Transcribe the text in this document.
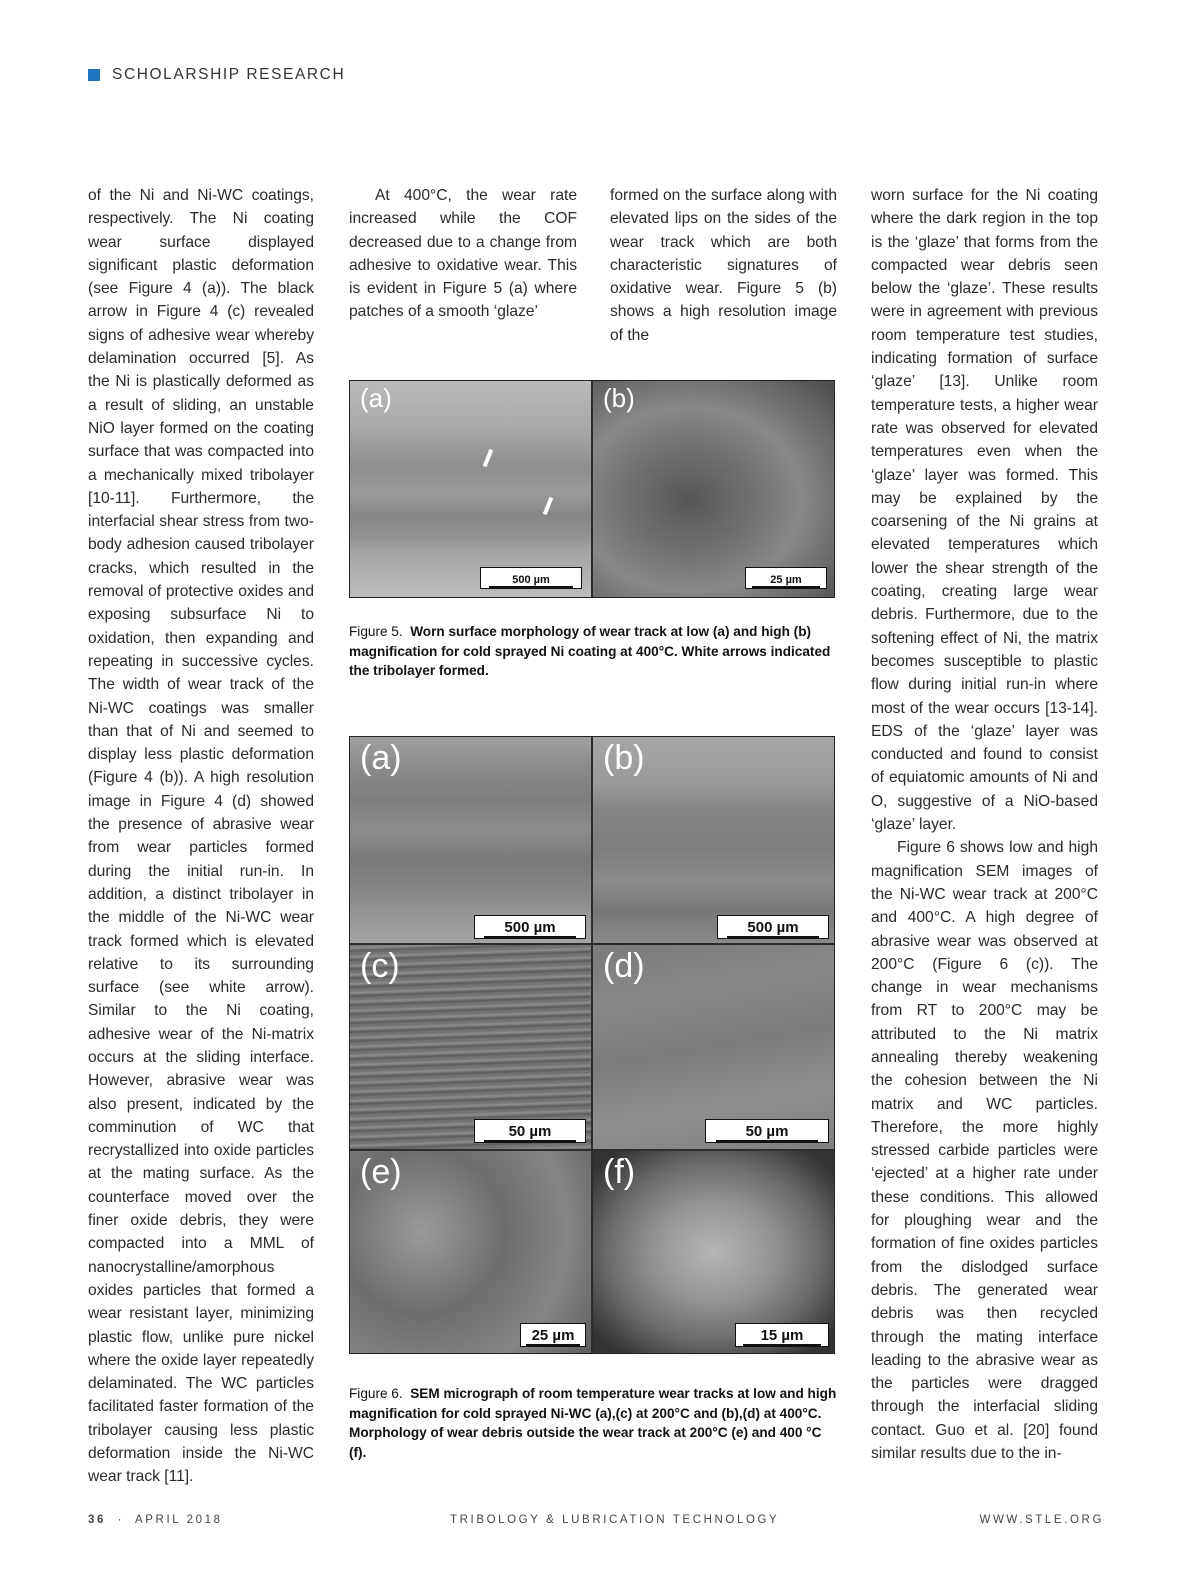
SCHOLARSHIP RESEARCH

of the Ni and Ni-WC coatings, respectively. The Ni coating wear surface displayed significant plastic deformation (see Figure 4 (a)). The black arrow in Figure 4 (c) revealed signs of adhesive wear whereby delamination occurred [5]. As the Ni is plastically deformed as a result of sliding, an unstable NiO layer formed on the coating surface that was compacted into a mechanically mixed tribolayer [10-11]. Furthermore, the interfacial shear stress from two-body adhesion caused tribolayer cracks, which resulted in the removal of protective oxides and exposing subsurface Ni to oxidation, then expanding and repeating in successive cycles. The width of wear track of the Ni-WC coatings was smaller than that of Ni and seemed to display less plastic deformation (Figure 4 (b)). A high resolution image in Figure 4 (d) showed the presence of abrasive wear from wear particles formed during the initial run-in. In addition, a distinct tribolayer in the middle of the Ni-WC wear track formed which is elevated relative to its surrounding surface (see white arrow). Similar to the Ni coating, adhesive wear of the Ni-matrix occurs at the sliding interface. However, abrasive wear was also present, indicated by the comminution of WC that recrystallized into oxide particles at the mating surface. As the counterface moved over the finer oxide debris, they were compacted into a MML of nanocrystalline/amorphous oxides particles that formed a wear resistant layer, minimizing plastic flow, unlike pure nickel where the oxide layer repeatedly delaminated. The WC particles facilitated faster formation of the tribolayer causing less plastic deformation inside the Ni-WC wear track [11].

At 400°C, the wear rate increased while the COF decreased due to a change from adhesive to oxidative wear. This is evident in Figure 5 (a) where patches of a smooth ‘glaze’

formed on the surface along with elevated lips on the sides of the wear track which are both characteristic signatures of oxidative wear. Figure 5 (b) shows a high resolution image of the

worn surface for the Ni coating where the dark region in the top is the ‘glaze’ that forms from the compacted wear debris seen below the ‘glaze’. These results were in agreement with previous room temperature test studies, indicating formation of surface ‘glaze’ [13]. Unlike room temperature tests, a higher wear rate was observed for elevated temperatures even when the ‘glaze’ layer was formed. This may be explained by the coarsening of the Ni grains at elevated temperatures which lower the shear strength of the coating, creating large wear debris. Furthermore, due to the softening effect of Ni, the matrix becomes susceptible to plastic flow during initial run-in where most of the wear occurs [13-14]. EDS of the ‘glaze’ layer was conducted and found to consist of equiatomic amounts of Ni and O, suggestive of a NiO-based ‘glaze’ layer.

Figure 6 shows low and high magnification SEM images of the Ni-WC wear track at 200°C and 400°C. A high degree of abrasive wear was observed at 200°C (Figure 6 (c)). The change in wear mechanisms from RT to 200°C may be attributed to the Ni matrix annealing thereby weakening the cohesion between the Ni matrix and WC particles. Therefore, the more highly stressed carbide particles were ‘ejected’ at a higher rate under these conditions. This allowed for ploughing wear and the formation of fine oxides particles from the dislodged surface debris. The generated wear debris was then recycled through the mating interface leading to the abrasive wear as the particles were dragged through the interfacial sliding contact. Guo et al. [20] found similar results due to the in-

(a)
500 µm
(b)
25 µm
Figure 5. Worn surface morphology of wear track at low (a) and high (b) magnification for cold sprayed Ni coating at 400°C. White arrows indicated the tribolayer formed.
(a)
500 µm
(b)
500 µm
(c)
50 µm
(d)
50 µm
(e)
25 µm
(f)
15 µm
Figure 6. SEM micrograph of room temperature wear tracks at low and high magnification for cold sprayed Ni-WC (a),(c) at 200°C and (b),(d) at 400°C. Morphology of wear debris outside the wear track at 200°C (e) and 400 °C (f).
36 · APRIL 2018	TRIBOLOGY & LUBRICATION TECHNOLOGY	WWW.STLE.ORG
